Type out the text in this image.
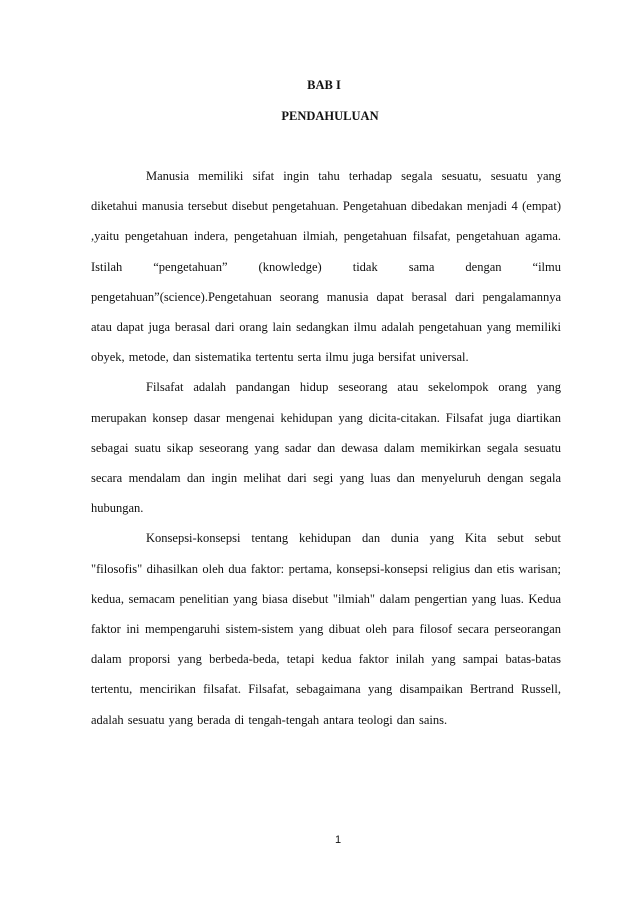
BAB I
PENDAHULUAN

Manusia memiliki sifat ingin tahu terhadap segala sesuatu, sesuatu yang diketahui manusia tersebut disebut pengetahuan. Pengetahuan dibedakan menjadi 4 (empat) ,yaitu pengetahuan indera, pengetahuan ilmiah, pengetahuan filsafat, pengetahuan agama. Istilah “pengetahuan” (knowledge) tidak sama dengan “ilmu pengetahuan”(science).Pengetahuan seorang manusia dapat berasal dari pengalamannya atau dapat juga berasal dari orang lain sedangkan ilmu adalah pengetahuan yang memiliki obyek, metode, dan sistematika tertentu serta ilmu juga bersifat universal.

Filsafat adalah pandangan hidup seseorang atau sekelompok orang yang merupakan konsep dasar mengenai kehidupan yang dicita-citakan. Filsafat juga diartikan sebagai suatu sikap seseorang yang sadar dan dewasa dalam memikirkan segala sesuatu secara mendalam dan ingin melihat dari segi yang luas dan menyeluruh dengan segala hubungan.

Konsepsi-konsepsi tentang kehidupan dan dunia yang Kita sebut sebut "filosofis" dihasilkan oleh dua faktor: pertama, konsepsi-konsepsi religius dan etis warisan; kedua, semacam penelitian yang biasa disebut "ilmiah" dalam pengertian yang luas. Kedua faktor ini mempengaruhi sistem-sistem yang dibuat oleh para filosof secara perseorangan dalam proporsi yang berbeda-beda, tetapi kedua faktor inilah yang sampai batas-batas tertentu, mencirikan filsafat. Filsafat, sebagaimana yang disampaikan Bertrand Russell, adalah sesuatu yang berada di tengah-tengah antara teologi dan sains.

1
